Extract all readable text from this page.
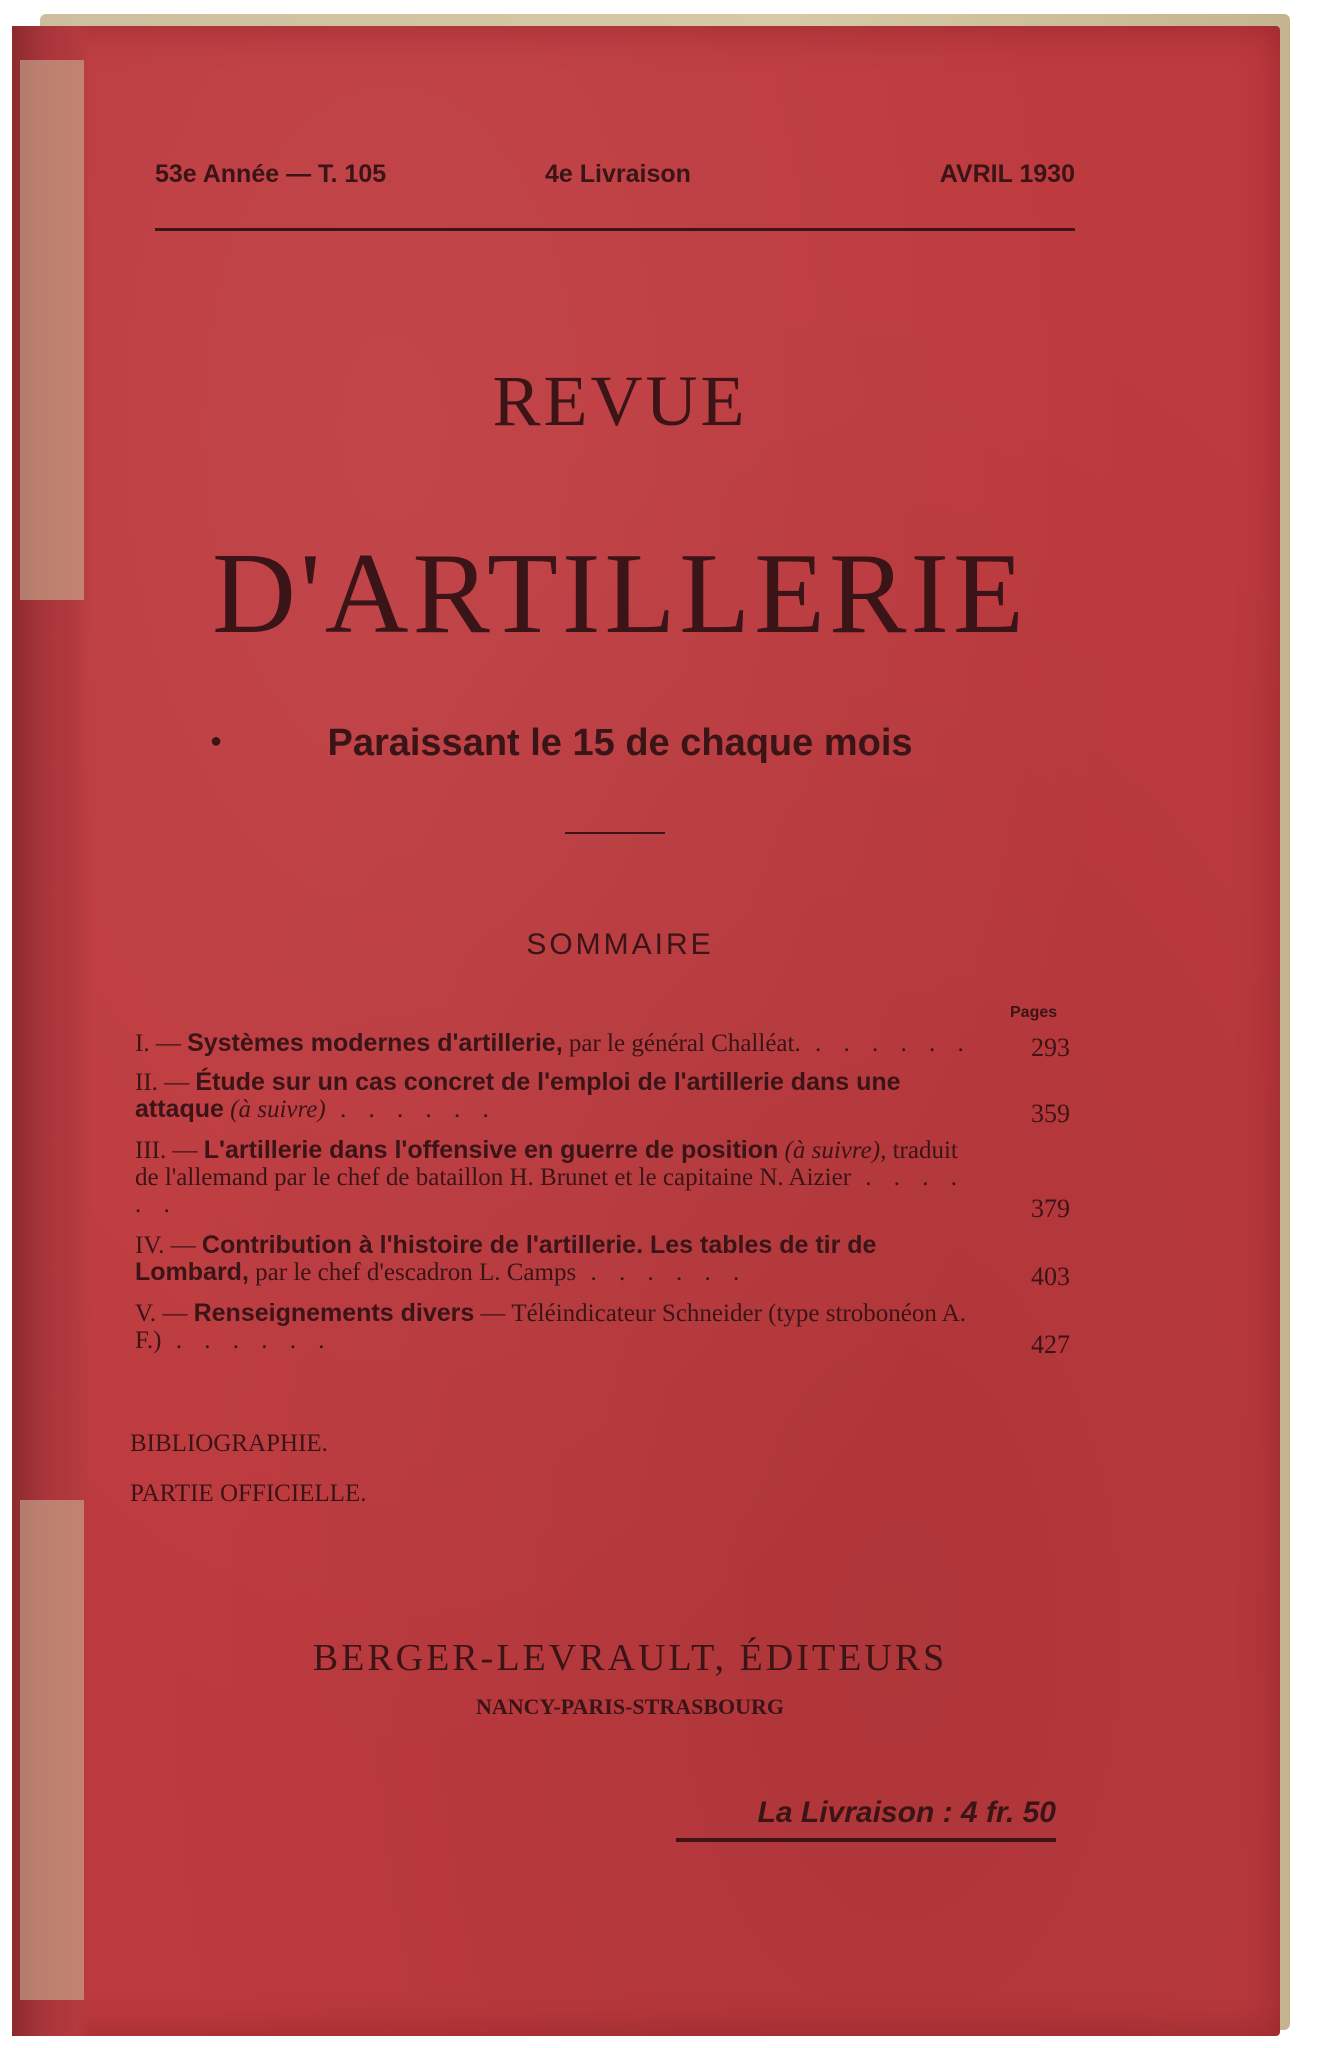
53e Année — T. 105	4e Livraison	AVRIL 1930
REVUE
D'ARTILLERIE
●	Paraissant le 15 de chaque mois
SOMMAIRE
Pages
I. — Systèmes modernes d'artillerie, par le général Challéat. . . . . . .	293
II. — Étude sur un cas concret de l'emploi de l'artillerie dans une attaque (à suivre) . . . . . .	359
III. — L'artillerie dans l'offensive en guerre de position (à suivre), traduit de l'allemand par le chef de bataillon H. Brunet et le capitaine N. Aizier . . . . . .	379
IV. — Contribution à l'histoire de l'artillerie. Les tables de tir de Lombard, par le chef d'escadron L. Camps . . . . . .	403
V. — Renseignements divers — Téléindicateur Schneider (type strobonéon A. F.) . . . . . .	427
BIBLIOGRAPHIE.
PARTIE OFFICIELLE.
BERGER-LEVRAULT, ÉDITEURS
NANCY-PARIS-STRASBOURG
La Livraison : 4 fr. 50
